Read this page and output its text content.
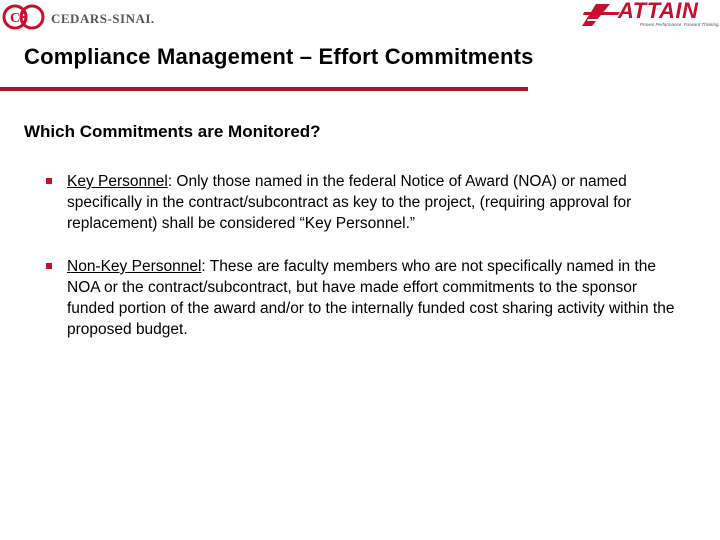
CS CEDARS-SINAI.	ATTAIN
Proven Performance. Forward Thinking.
Compliance Management – Effort Commitments
Which Commitments are Monitored?
Key Personnel: Only those named in the federal Notice of Award (NOA) or named specifically in the contract/subcontract as key to the project, (requiring approval for replacement) shall be considered “Key Personnel.”
Non-Key Personnel: These are faculty members who are not specifically named in the NOA or the contract/subcontract, but have made effort commitments to the sponsor funded portion of the award and/or to the internally funded cost sharing activity within the proposed budget.
